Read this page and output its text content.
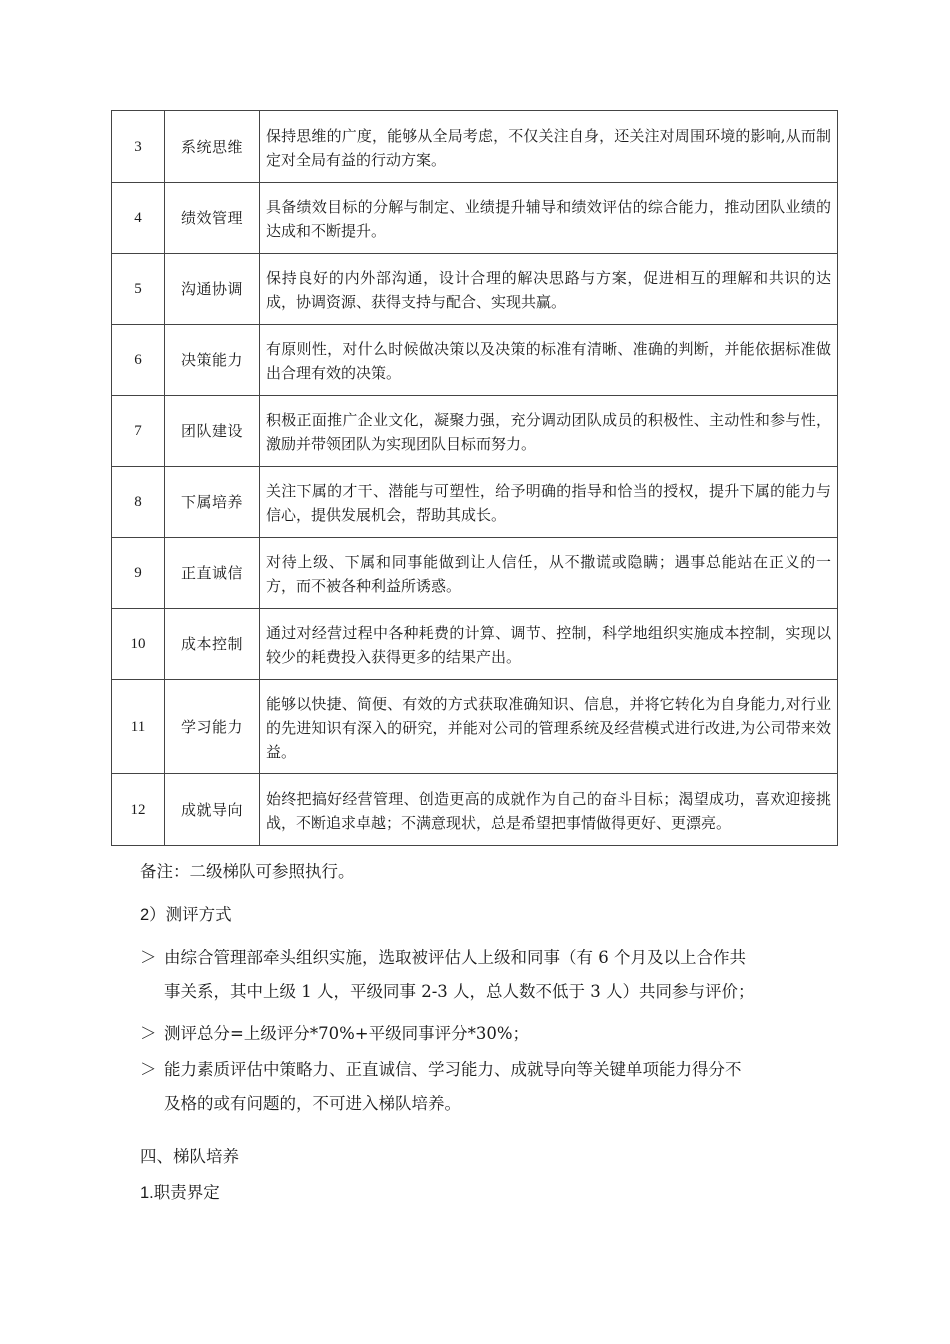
3	系统思维	保持思维的广度，能够从全局考虑，不仅关注自身，还关注对周围环境的影响,从而制定对全局有益的行动方案。
4	绩效管理	具备绩效目标的分解与制定、业绩提升辅导和绩效评估的综合能力，推动团队业绩的达成和不断提升。
5	沟通协调	保持良好的内外部沟通，设计合理的解决思路与方案，促进相互的理解和共识的达成，协调资源、获得支持与配合、实现共赢。
6	决策能力	有原则性，对什么时候做决策以及决策的标准有清晰、准确的判断，并能依据标准做出合理有效的决策。
7	团队建设	积极正面推广企业文化，凝聚力强，充分调动团队成员的积极性、主动性和参与性，激励并带领团队为实现团队目标而努力。
8	下属培养	关注下属的才干、潜能与可塑性，给予明确的指导和恰当的授权，提升下属的能力与信心，提供发展机会，帮助其成长。
9	正直诚信	对待上级、下属和同事能做到让人信任，从不撒谎或隐瞒；遇事总能站在正义的一方，而不被各种利益所诱惑。
10	成本控制	通过对经营过程中各种耗费的计算、调节、控制，科学地组织实施成本控制，实现以较少的耗费投入获得更多的结果产出。
11	学习能力	能够以快捷、简便、有效的方式获取准确知识、信息，并将它转化为自身能力,对行业的先进知识有深入的研究，并能对公司的管理系统及经营模式进行改进,为公司带来效益。
12	成就导向	始终把搞好经营管理、创造更高的成就作为自己的奋斗目标；渴望成功，喜欢迎接挑战，不断追求卓越；不满意现状，总是希望把事情做得更好、更漂亮。
备注：二级梯队可参照执行。
2）测评方式
＞ 由综合管理部牵头组织实施，选取被评估人上级和同事（有 6 个月及以上合作共
事关系，其中上级 1 人，平级同事 2-3 人，总人数不低于 3 人）共同参与评价；
＞ 测评总分=上级评分*70%+平级同事评分*30%；
＞ 能力素质评估中策略力、正直诚信、学习能力、成就导向等关键单项能力得分不
及格的或有问题的，不可进入梯队培养。
四、梯队培养
1.职责界定
